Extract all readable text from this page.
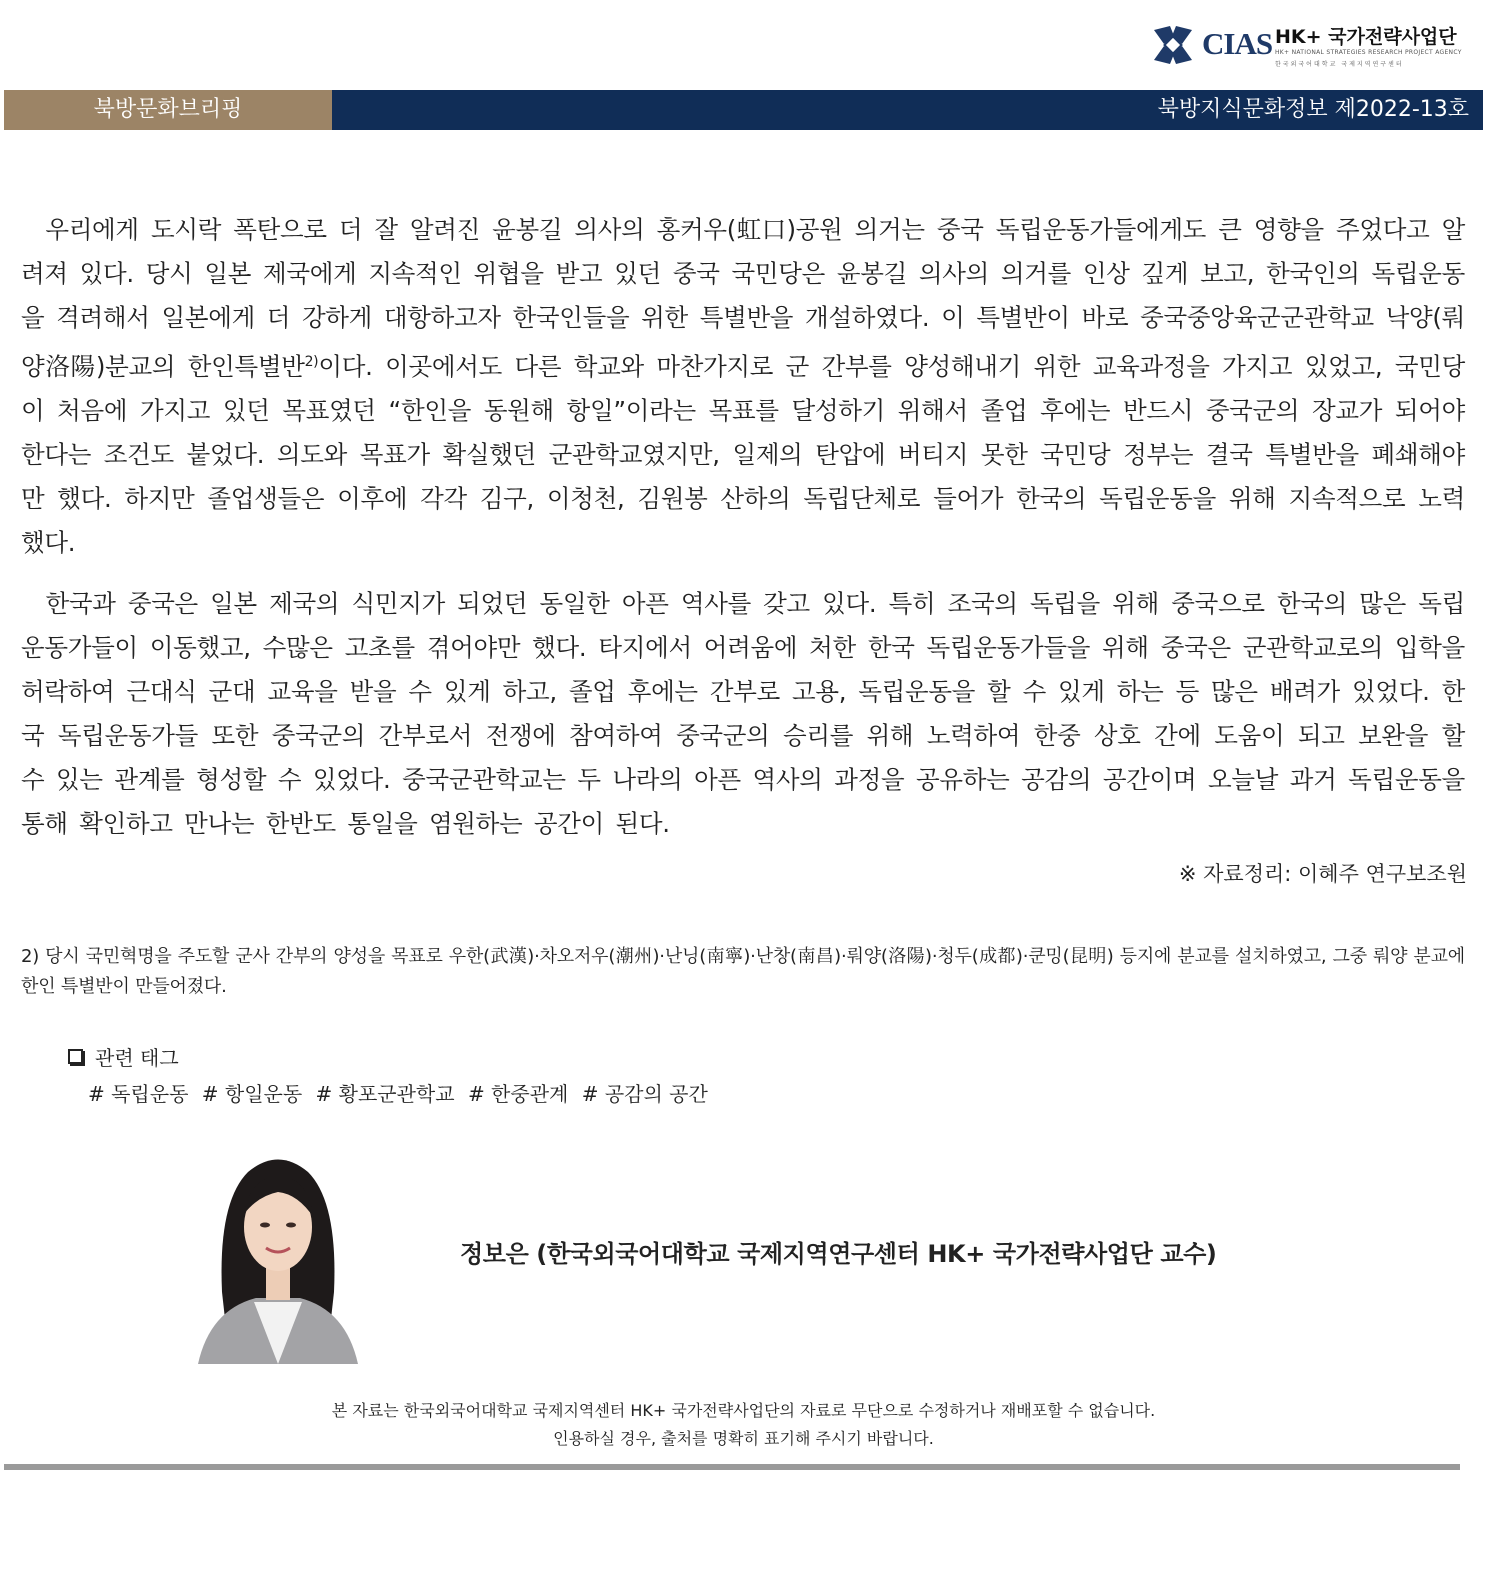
CIAS HK+ 국가전략사업단
HK+ NATIONAL STRATEGIES RESEARCH PROJECT AGENCY
한국외국어대학교 국제지역연구센터
북방문화브리핑	북방지식문화정보 제2022-13호

우리에게 도시락 폭탄으로 더 잘 알려진 윤봉길 의사의 홍커우(虹口)공원 의거는 중국 독립운동가들에게도 큰 영향을 주었다고 알려져 있다. 당시 일본 제국에게 지속적인 위협을 받고 있던 중국 국민당은 윤봉길 의사의 의거를 인상 깊게 보고, 한국인의 독립운동을 격려해서 일본에게 더 강하게 대항하고자 한국인들을 위한 특별반을 개설하였다. 이 특별반이 바로 중국중앙육군군관학교 낙양(뤄양洛陽)분교의 한인특별반$^{2)}$이다. 이곳에서도 다른 학교와 마찬가지로 군 간부를 양성해내기 위한 교육과정을 가지고 있었고, 국민당이 처음에 가지고 있던 목표였던 “한인을 동원해 항일”이라는 목표를 달성하기 위해서 졸업 후에는 반드시 중국군의 장교가 되어야 한다는 조건도 붙었다. 의도와 목표가 확실했던 군관학교였지만, 일제의 탄압에 버티지 못한 국민당 정부는 결국 특별반을 폐쇄해야만 했다. 하지만 졸업생들은 이후에 각각 김구, 이청천, 김원봉 산하의 독립단체로 들어가 한국의 독립운동을 위해 지속적으로 노력했다.

한국과 중국은 일본 제국의 식민지가 되었던 동일한 아픈 역사를 갖고 있다. 특히 조국의 독립을 위해 중국으로 한국의 많은 독립운동가들이 이동했고, 수많은 고초를 겪어야만 했다. 타지에서 어려움에 처한 한국 독립운동가들을 위해 중국은 군관학교로의 입학을 허락하여 근대식 군대 교육을 받을 수 있게 하고, 졸업 후에는 간부로 고용, 독립운동을 할 수 있게 하는 등 많은 배려가 있었다. 한국 독립운동가들 또한 중국군의 간부로서 전쟁에 참여하여 중국군의 승리를 위해 노력하여 한중 상호 간에 도움이 되고 보완을 할 수 있는 관계를 형성할 수 있었다. 중국군관학교는 두 나라의 아픈 역사의 과정을 공유하는 공감의 공간이며 오늘날 과거 독립운동을 통해 확인하고 만나는 한반도 통일을 염원하는 공간이 된다.

※ 자료정리: 이혜주 연구보조원

2) 당시 국민혁명을 주도할 군사 간부의 양성을 목표로 우한(武漢)·차오저우(潮州)·난닝(南寧)·난창(南昌)·뤄양(洛陽)·청두(成都)·쿤밍(昆明) 등지에 분교를 설치하였고, 그중 뤄양 분교에 한인 특별반이 만들어졌다.

관련 태그
# 독립운동 # 항일운동 # 황포군관학교 # 한중관계 # 공감의 공간
정보은 (한국외국어대학교 국제지역연구센터 HK+ 국가전략사업단 교수)
본 자료는 한국외국어대학교 국제지역센터 HK+ 국가전략사업단의 자료로 무단으로 수정하거나 재배포할 수 없습니다.
인용하실 경우, 출처를 명확히 표기해 주시기 바랍니다.
